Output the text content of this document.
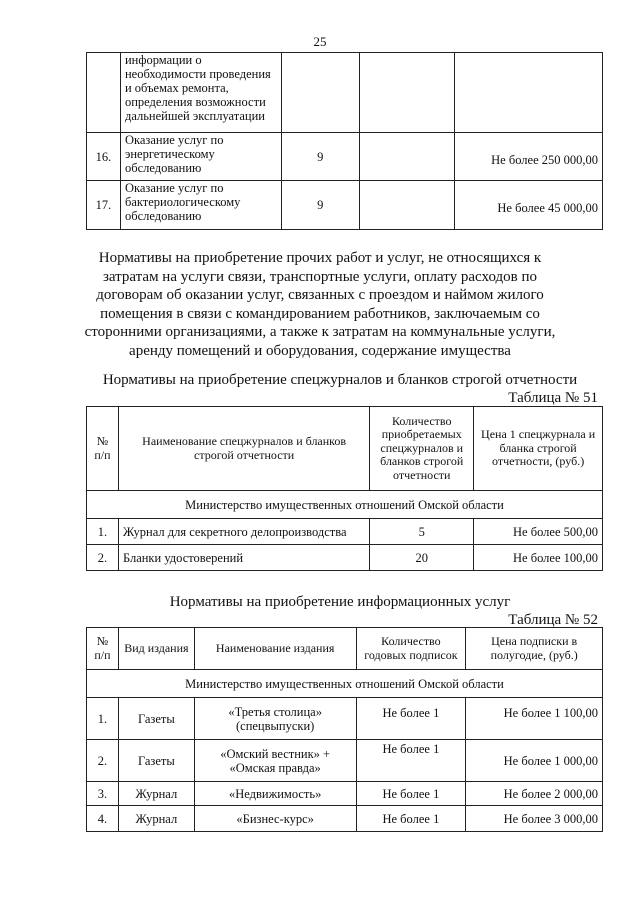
25
	информации о необходимости проведения и объемах ремонта, определения возможности дальнейшей эксплуатации			
16.	Оказание услуг по энергетическому обследованию	9		Не более 250 000,00
17.	Оказание услуг по бактериологическому обследованию	9		Не более 45 000,00
Нормативы на приобретение прочих работ и услуг, не относящихся к затратам на услуги связи, транспортные услуги, оплату расходов по договорам об оказании услуг, связанных с проездом и наймом жилого помещения в связи с командированием работников, заключаемым со сторонними организациями, а также к затратам на коммунальные услуги, аренду помещений и оборудования, содержание имущества
Нормативы на приобретение спецжурналов и бланков строгой отчетности
Таблица № 51
№ п/п	Наименование спецжурналов и бланков строгой отчетности	Количество приобретаемых спецжурналов и бланков строгой отчетности	Цена 1 спецжурнала и бланка строгой отчетности, (руб.)
Министерство имущественных отношений Омской области			
1.	Журнал для секретного делопроизводства	5	Не более 500,00
2.	Бланки удостоверений	20	Не более 100,00
Нормативы на приобретение информационных услуг
Таблица № 52
№ п/п	Вид издания	Наименование издания	Количество годовых подписок	Цена подписки в полугодие, (руб.)
Министерство имущественных отношений Омской области				
1.	Газеты	«Третья столица» (спецвыпуски)	Не более 1	Не более 1 100,00
2.	Газеты	«Омский вестник» + «Омская правда»	Не более 1	Не более 1 000,00
3.	Журнал	«Недвижимость»	Не более 1	Не более 2 000,00
4.	Журнал	«Бизнес-курс»	Не более 1	Не более 3 000,00
